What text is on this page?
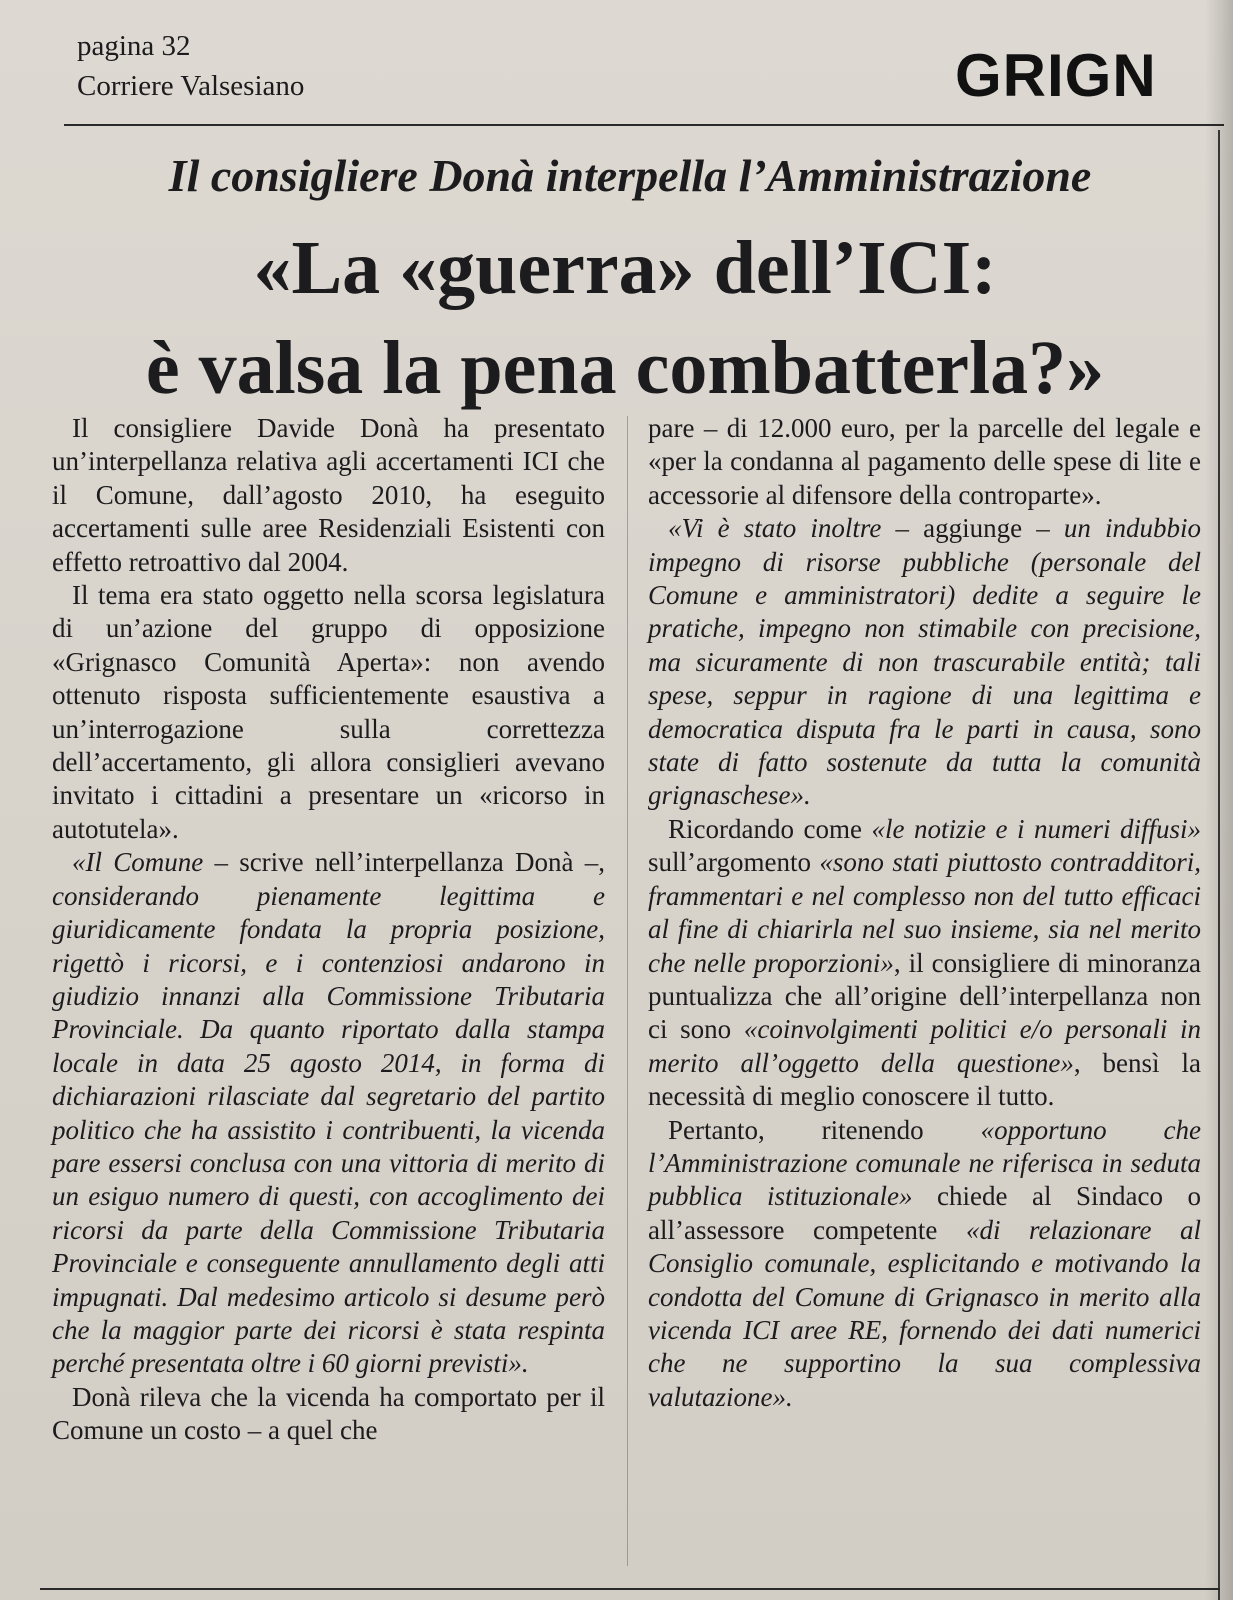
pagina 32
Corriere Valsesiano	GRIGN
Il consigliere Donà interpella l’Amministrazione
«La «guerra» dell’ICI:
è valsa la pena combatterla?»

Il consigliere Davide Donà ha presentato un’interpellanza relativa agli accertamenti ICI che il Comune, dall’agosto 2010, ha eseguito accertamenti sulle aree Residenziali Esistenti con effetto retroattivo dal 2004.

Il tema era stato oggetto nella scorsa legislatura di un’azione del gruppo di opposizione «Grignasco Comunità Aperta»: non avendo ottenuto risposta sufficientemente esaustiva a un’interrogazione sulla correttezza dell’accertamento, gli allora consiglieri avevano invitato i cittadini a presentare un «ricorso in autotutela».

«Il Comune – scrive nell’interpellanza Donà –, considerando pienamente legittima e giuridicamente fondata la propria posizione, rigettò i ricorsi, e i contenziosi andarono in giudizio innanzi alla Commissione Tributaria Provinciale. Da quanto riportato dalla stampa locale in data 25 agosto 2014, in forma di dichiarazioni rilasciate dal segretario del partito politico che ha assistito i contribuenti, la vicenda pare essersi conclusa con una vittoria di merito di un esiguo numero di questi, con accoglimento dei ricorsi da parte della Commissione Tributaria Provinciale e conseguente annullamento degli atti impugnati. Dal medesimo articolo si desume però che la maggior parte dei ricorsi è stata respinta perché presentata oltre i 60 giorni previsti».

Donà rileva che la vicenda ha comportato per il Comune un costo – a quel che

pare – di 12.000 euro, per la parcelle del legale e «per la condanna al pagamento delle spese di lite e accessorie al difensore della controparte».

«Vi è stato inoltre – aggiunge – un indubbio impegno di risorse pubbliche (personale del Comune e amministratori) dedite a seguire le pratiche, impegno non stimabile con precisione, ma sicuramente di non trascurabile entità; tali spese, seppur in ragione di una legittima e democratica disputa fra le parti in causa, sono state di fatto sostenute da tutta la comunità grignaschese».

Ricordando come «le notizie e i numeri diffusi» sull’argomento «sono stati piuttosto contradditori, frammentari e nel complesso non del tutto efficaci al fine di chiarirla nel suo insieme, sia nel merito che nelle proporzioni», il consigliere di minoranza puntualizza che all’origine dell’interpellanza non ci sono «coinvolgimenti politici e/o personali in merito all’oggetto della questione», bensì la necessità di meglio conoscere il tutto.

Pertanto, ritenendo «opportuno che l’Amministrazione comunale ne riferisca in seduta pubblica istituzionale» chiede al Sindaco o all’assessore competente «di relazionare al Consiglio comunale, esplicitando e motivando la condotta del Comune di Grignasco in merito alla vicenda ICI aree RE, fornendo dei dati numerici che ne supportino la sua complessiva valutazione».
